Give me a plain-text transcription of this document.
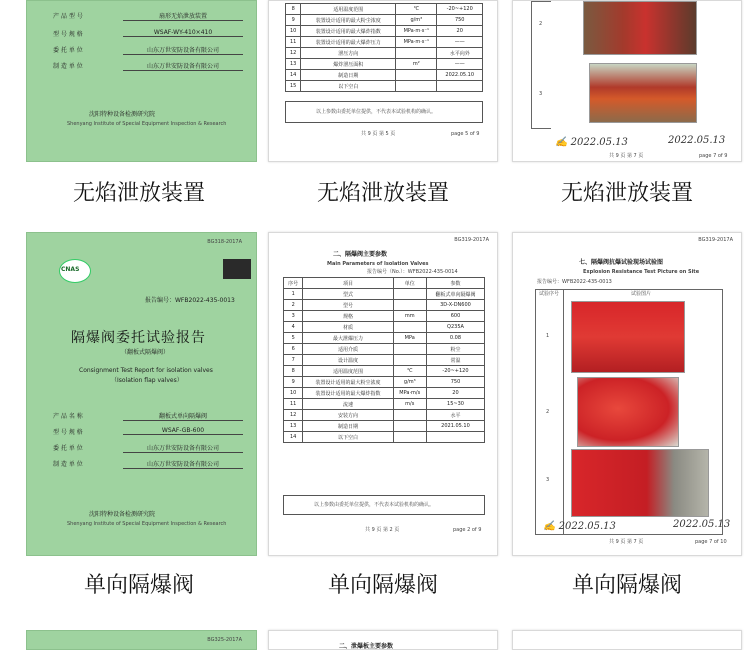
产 品 型 号	扇形无焰泄放装置
型 号 规 格	WSAF-WY-410×410
委 托 单 位	山东万世安防设备有限公司
制 造 单 位	山东万世安防设备有限公司
沈阳特种设备检测研究院
Shenyang Institute of Special Equipment Inspection & Research
8	适用温度范围	℃	-20~+120
9	装置设计适用的最大粉尘浓度	g/m³	750
10	装置设计适用的最大爆炸指数	MPa·m·s⁻¹	20
11	装置设计适用的最大爆炸压力	MPa·m·s⁻¹	——
12	泄压方向		水平向外
13	爆炸泄压面积	m²	——
14	制造日期		2022.05.10
15	以下空白		
以上参数由委托单位提供，不代表本试验机构的确认。
共 9 页 第 5 页	page 5 of 9
2
3
✍ 2022.05.13	2022.05.13
共 9 页 第 7 页	page 7 of 9
无焰泄放装置	无焰泄放装置	无焰泄放装置
BG318-2017A
CNAS
报告编号：WFB2022-435-0013
隔爆阀委托试验报告
（翻板式隔爆阀）
Consignment Test Report for isolation valves
（Isolation flap valves）
产 品 名 称	翻板式单向隔爆阀
型 号 规 格	WSAF-GB-600
委 托 单 位	山东万世安防设备有限公司
制 造 单 位	山东万世安防设备有限公司
沈阳特种设备检测研究院
Shenyang Institute of Special Equipment Inspection & Research
BG319-2017A
二、隔爆阀主要参数
Main Parameters of Isolation Valves
报告编号（No.）：WFB2022-435-0014
序号	项目	单位	参数
1	型式		翻板式单向隔爆阀
2	型号		3D-X-DN600
3	规格	mm	600
4	材质		Q235A
5	最大泄爆压力	MPa	0.08
6	适用介质		粉尘
7	设计温度		常温
8	适用温度范围	℃	-20~+120
9	装置设计适用的最大粉尘浓度	g/m³	750
10	装置设计适用的最大爆炸指数	MPa·m/s	20
11	流速	m/s	15~30
12	安装方向		水平
13	制造日期		2021.05.10
14	以下空白		
以上参数由委托单位提供，不代表本试验机构的确认。
共 9 页 第 2 页	page 2 of 9
BG319-2017A
七、隔爆阀抗爆试验现场试验图
Explosion Resistance Test Picture on Site
报告编号：WFB2022-435-0013
试验序号	试验图片
1
2
3
✍ 2022.05.13	2022.05.13
共 9 页 第 7 页	page 7 of 10
单向隔爆阀	单向隔爆阀	单向隔爆阀
BG325-2017A
二、泄爆板主要参数
